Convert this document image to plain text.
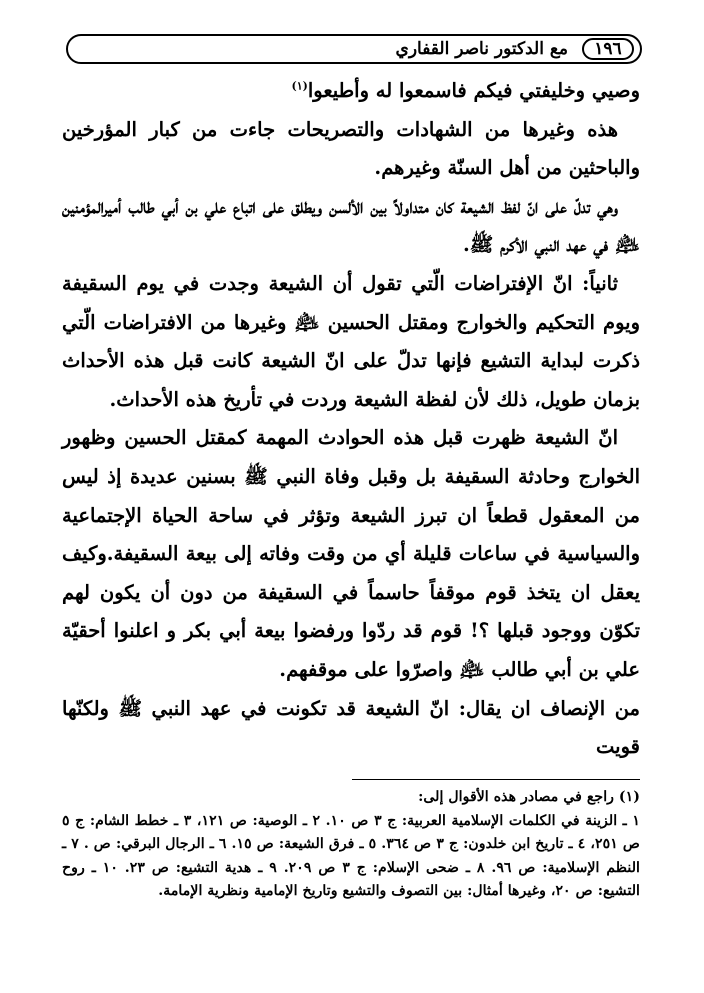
١٩٦
مع الدكتور ناصر القفاري

وصيي وخليفتي فيكم فاسمعوا له وأطيعوا$^{(١)}$

هذه وغيرها من الشهادات والتصريحات جاءت من كبار المؤرخين والباحثين من أهل السنّة وغيرهم.

وهي تدلّ على انّ لفظ الشيعة كان متداولاً بين الألسن ويطلق على اتباع علي بن أبي طالب أميرالمؤمنين ﵇ في عهد النبي الأكرم ﷺ.

ثانياً: انّ الإفتراضات الّتي تقول أن الشيعة وجدت في يوم السقيفة ويوم التحكيم والخوارج ومقتل الحسين ﵇ وغيرها من الافتراضات الّتي ذكرت لبداية التشيع فإنها تدلّ على انّ الشيعة كانت قبل هذه الأحداث بزمان طويل، ذلك لأن لفظة الشيعة وردت في تأريخ هذه الأحداث.

انّ الشيعة ظهرت قبل هذه الحوادث المهمة كمقتل الحسين وظهور الخوارج وحادثة السقيفة بل وقبل وفاة النبي ﷺ بسنين عديدة إذ ليس من المعقول قطعاً ان تبرز الشيعة وتؤثر في ساحة الحياة الإجتماعية والسياسية في ساعات قليلة أي من وقت وفاته إلى بيعة السقيفة.وكيف يعقل ان يتخذ قوم موقفاً حاسماً في السقيفة من دون أن يكون لهم تكوّن ووجود قبلها ؟! قوم قد ردّوا ورفضوا بيعة أبي بكر و اعلنوا أحقيّة علي بن أبي طالب ﵇ واصرّوا على موقفهم.

من الإنصاف ان يقال: انّ الشيعة قد تكونت في عهد النبي ﷺ ولكنّها قويت

(١) راجع في مصادر هذه الأقوال إلى:

١ ـ الزينة في الكلمات الإسلامية العربية: ج ٣ ص ١٠. ٢ ـ الوصية: ص ١٢١، ٣ ـ خطط الشام: ج ٥ ص ٢٥١، ٤ ـ تاريخ ابن خلدون: ج ٣ ص ٣٦٤. ٥ ـ فرق الشيعة: ص ١٥. ٦ ـ الرجال البرقي: ص . ٧ ـ النظم الإسلامية: ص ٩٦. ٨ ـ ضحى الإسلام: ج ٣ ص ٢٠٩. ٩ ـ هدية التشيع: ص ٢٣. ١٠ ـ روح التشيع: ص ٢٠، وغيرها أمثال: بين التصوف والتشيع وتاريخ الإمامية ونظرية الإمامة.
